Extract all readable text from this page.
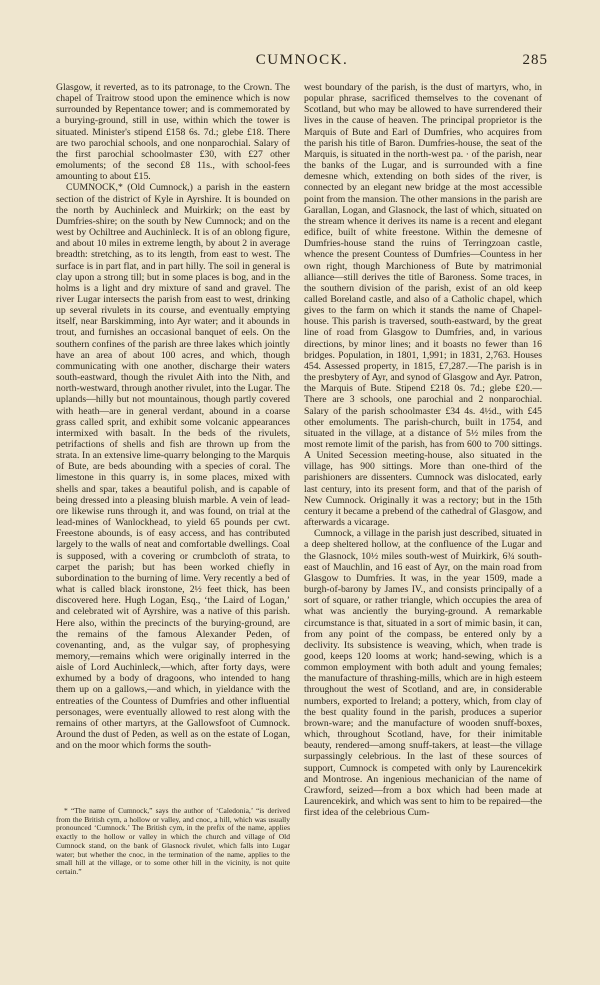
CUMNOCK.	285

Glasgow, it reverted, as to its patronage, to the Crown. The chapel of Traitrow stood upon the eminence which is now surrounded by Repentance tower; and is commemorated by a burying-ground, still in use, within which the tower is situated. Minister's stipend £158 6s. 7d.; glebe £18. There are two parochial schools, and one nonparochial. Salary of the first parochial schoolmaster £30, with £27 other emoluments; of the second £8 11s., with school-fees amounting to about £15.

CUMNOCK,* (Old Cumnock,) a parish in the eastern section of the district of Kyle in Ayrshire. It is bounded on the north by Auchinleck and Muirkirk; on the east by Dumfries-shire; on the south by New Cumnock; and on the west by Ochiltree and Auchinleck. It is of an oblong figure, and about 10 miles in extreme length, by about 2 in average breadth: stretching, as to its length, from east to west. The surface is in part flat, and in part hilly. The soil in general is clay upon a strong till; but in some places is bog, and in the holms is a light and dry mixture of sand and gravel. The river Lugar intersects the parish from east to west, drinking up several rivulets in its course, and eventually emptying itself, near Barskimming, into Ayr water; and it abounds in trout, and furnishes an occasional banquet of eels. On the southern confines of the parish are three lakes which jointly have an area of about 100 acres, and which, though communicating with one another, discharge their waters south-eastward, though the rivulet Aith into the Nith, and north-westward, through another rivulet, into the Lugar. The uplands—hilly but not mountainous, though partly covered with heath—are in general verdant, abound in a coarse grass called sprit, and exhibit some volcanic appearances intermixed with basalt. In the beds of the rivulets, petrifactions of shells and fish are thrown up from the strata. In an extensive lime-quarry belonging to the Marquis of Bute, are beds abounding with a species of coral. The limestone in this quarry is, in some places, mixed with shells and spar, takes a beautiful polish, and is capable of being dressed into a pleasing bluish marble. A vein of lead-ore likewise runs through it, and was found, on trial at the lead-mines of Wanlockhead, to yield 65 pounds per cwt. Freestone abounds, is of easy access, and has contributed largely to the walls of neat and comfortable dwellings. Coal is supposed, with a covering or crumbcloth of strata, to carpet the parish; but has been worked chiefly in subordination to the burning of lime. Very recently a bed of what is called black ironstone, 2½ feet thick, has been discovered here. Hugh Logan, Esq., ‘the Laird of Logan,’ and celebrated wit of Ayrshire, was a native of this parish. Here also, within the precincts of the burying-ground, are the remains of the famous Alexander Peden, of covenanting, and, as the vulgar say, of prophesying memory,—remains which were originally interred in the aisle of Lord Auchinleck,—which, after forty days, were exhumed by a body of dragoons, who intended to hang them up on a gallows,—and which, in yieldance with the entreaties of the Countess of Dumfries and other influential personages, were eventually allowed to rest along with the remains of other martyrs, at the Gallowsfoot of Cumnock. Around the dust of Peden, as well as on the estate of Logan, and on the moor which forms the south-

* “The name of Cumnock,” says the author of ‘Caledonia,’ “is derived from the British cym, a hollow or valley, and cnoc, a hill, which was usually pronounced ‘Cumnock.’ The British cym, in the prefix of the name, applies exactly to the hollow or valley in which the church and village of Old Cumnock stand, on the bank of Glasnock rivulet, which falls into Lugar water; but whether the cnoc, in the termination of the name, applies to the small hill at the village, or to some other hill in the vicinity, is not quite certain.”

west boundary of the parish, is the dust of martyrs, who, in popular phrase, sacrificed themselves to the covenant of Scotland, but who may be allowed to have surrendered their lives in the cause of heaven. The principal proprietor is the Marquis of Bute and Earl of Dumfries, who acquires from the parish his title of Baron. Dumfries-house, the seat of the Marquis, is situated in the north-west pa. · of the parish, near the banks of the Lugar, and is surrounded with a fine demesne which, extending on both sides of the river, is connected by an elegant new bridge at the most accessible point from the mansion. The other mansions in the parish are Garallan, Logan, and Glasnock, the last of which, situated on the stream whence it derives its name is a recent and elegant edifice, built of white freestone. Within the demesne of Dumfries-house stand the ruins of Terringzoan castle, whence the present Countess of Dumfries—Countess in her own right, though Marchioness of Bute by matrimonial alliance—still derives the title of Baroness. Some traces, in the southern division of the parish, exist of an old keep called Boreland castle, and also of a Catholic chapel, which gives to the farm on which it stands the name of Chapel-house. This parish is traversed, south-eastward, by the great line of road from Glasgow to Dumfries, and, in various directions, by minor lines; and it boasts no fewer than 16 bridges. Population, in 1801, 1,991; in 1831, 2,763. Houses 454. Assessed property, in 1815, £7,287.—The parish is in the presbytery of Ayr, and synod of Glasgow and Ayr. Patron, the Marquis of Bute. Stipend £218 0s. 7d.; glebe £20.—There are 3 schools, one parochial and 2 nonparochial. Salary of the parish schoolmaster £34 4s. 4½d., with £45 other emoluments. The parish-church, built in 1754, and situated in the village, at a distance of 5½ miles from the most remote limit of the parish, has from 600 to 700 sittings. A United Secession meeting-house, also situated in the village, has 900 sittings. More than one-third of the parishioners are dissenters. Cumnock was dislocated, early last century, into its present form, and that of the parish of New Cumnock. Originally it was a rectory; but in the 15th century it became a prebend of the cathedral of Glasgow, and afterwards a vicarage.

Cumnock, a village in the parish just described, situated in a deep sheltered hollow, at the confluence of the Lugar and the Glasnock, 10½ miles south-west of Muirkirk, 6¾ south-east of Mauchlin, and 16 east of Ayr, on the main road from Glasgow to Dumfries. It was, in the year 1509, made a burgh-of-barony by James IV., and consists principally of a sort of square, or rather triangle, which occupies the area of what was anciently the burying-ground. A remarkable circumstance is that, situated in a sort of mimic basin, it can, from any point of the compass, be entered only by a declivity. Its subsistence is weaving, which, when trade is good, keeps 120 looms at work; hand-sewing, which is a common employment with both adult and young females; the manufacture of thrashing-mills, which are in high esteem throughout the west of Scotland, and are, in considerable numbers, exported to Ireland; a pottery, which, from clay of the best quality found in the parish, produces a superior brown-ware; and the manufacture of wooden snuff-boxes, which, throughout Scotland, have, for their inimitable beauty, rendered—among snuff-takers, at least—the village surpassingly celebrious. In the last of these sources of support, Cumnock is competed with only by Laurencekirk and Montrose. An ingenious mechanician of the name of Crawford, seized—from a box which had been made at Laurencekirk, and which was sent to him to be repaired—the first idea of the celebrious Cum-
